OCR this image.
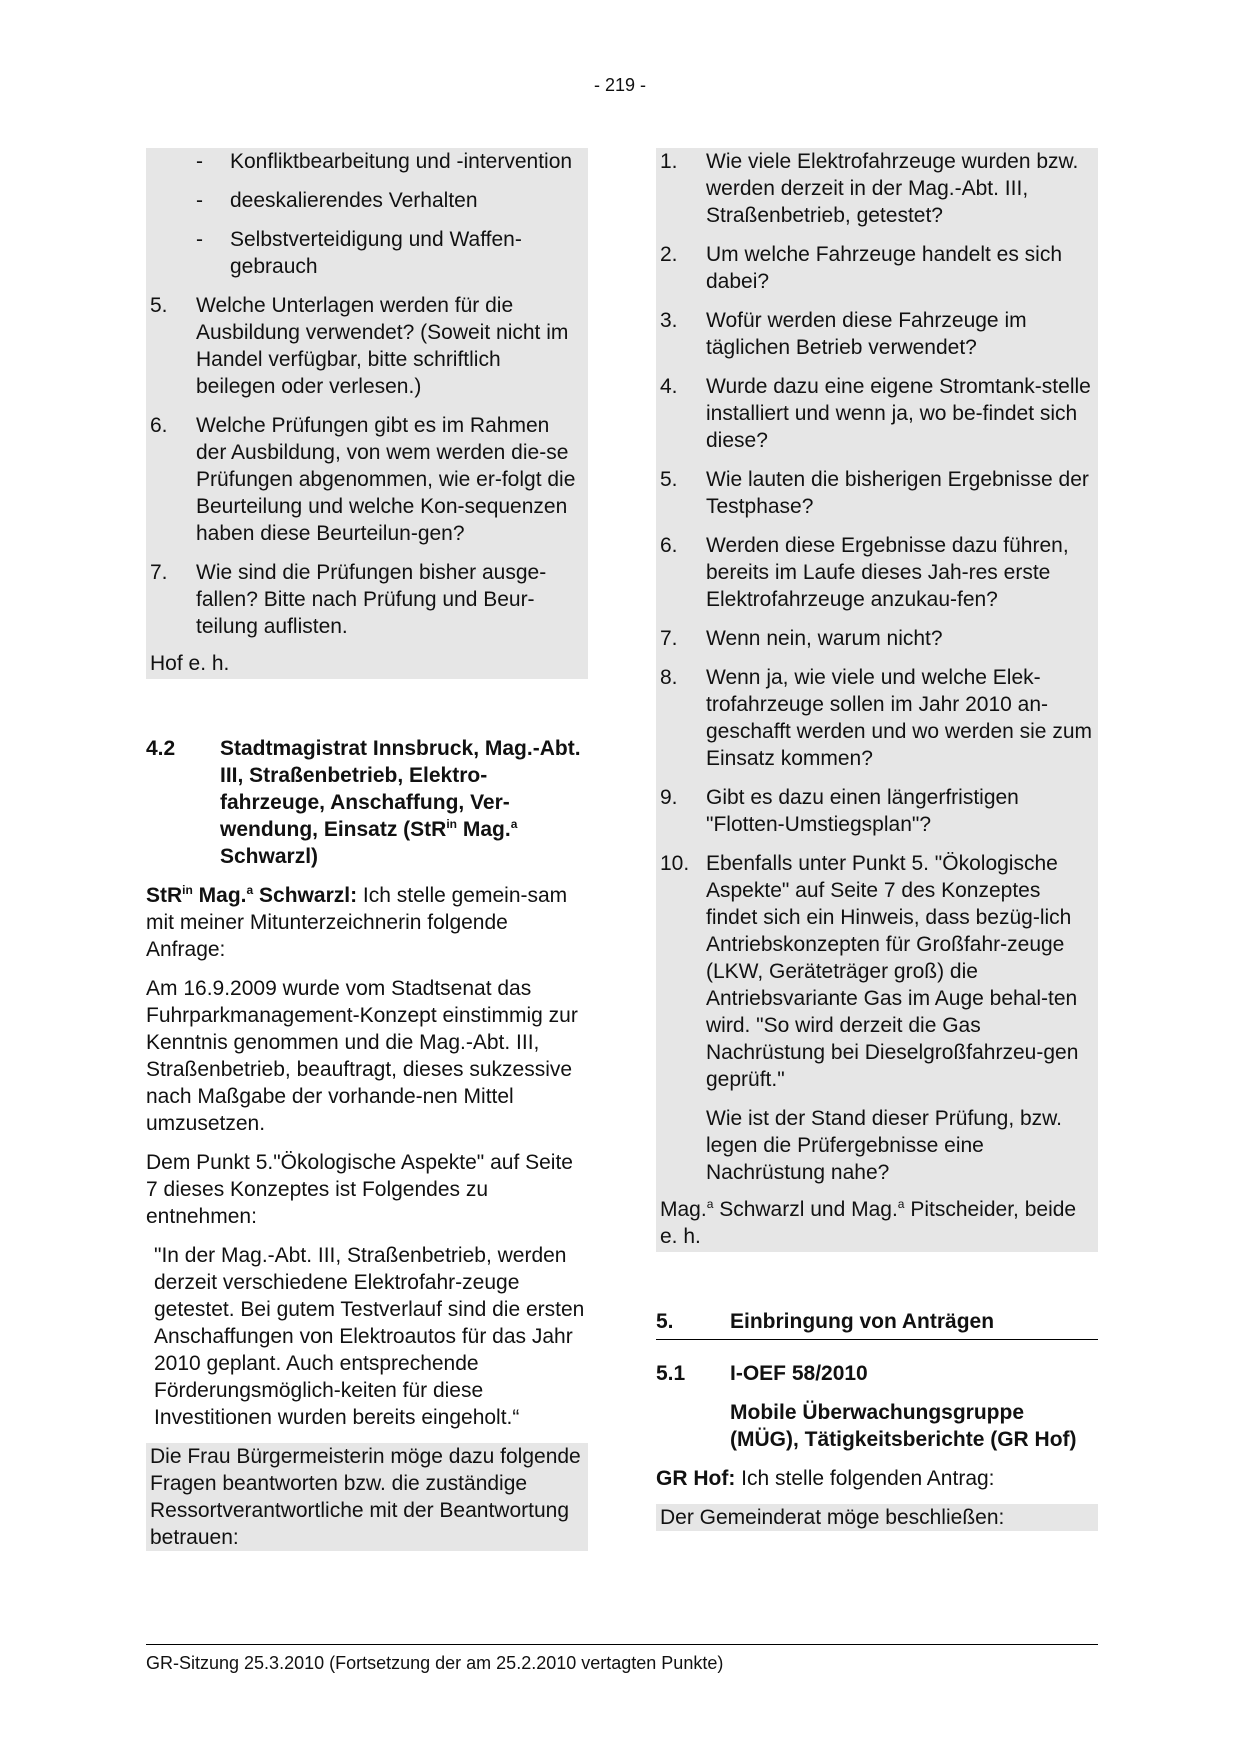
- 219 -
- Konfliktbearbeitung und -intervention
- deeskalierendes Verhalten
- Selbstverteidigung und Waffen-gebrauch
5. Welche Unterlagen werden für die Ausbildung verwendet? (Soweit nicht im Handel verfügbar, bitte schriftlich beilegen oder verlesen.)
6. Welche Prüfungen gibt es im Rahmen der Ausbildung, von wem werden die-se Prüfungen abgenommen, wie er-folgt die Beurteilung und welche Kon-sequenzen haben diese Beurteilun-gen?
7. Wie sind die Prüfungen bisher ausge-fallen? Bitte nach Prüfung und Beur-teilung auflisten.

Hof e. h.

4.2 Stadtmagistrat Innsbruck, Mag.-Abt. III, Straßenbetrieb, Elektro-fahrzeuge, Anschaffung, Ver-wendung, Einsatz (StR$^{in}$ Mag.$^a$ Schwarzl)

StR$^{in}$ Mag.$^a$ Schwarzl: Ich stelle gemein-sam mit meiner Mitunterzeichnerin folgende Anfrage:

Am 16.9.2009 wurde vom Stadtsenat das Fuhrparkmanagement-Konzept einstimmig zur Kenntnis genommen und die Mag.-Abt. III, Straßenbetrieb, beauftragt, dieses sukzessive nach Maßgabe der vorhande-nen Mittel umzusetzen.

Dem Punkt 5."Ökologische Aspekte" auf Seite 7 dieses Konzeptes ist Folgendes zu entnehmen:

"In der Mag.-Abt. III, Straßenbetrieb, werden derzeit verschiedene Elektrofahr-zeuge getestet. Bei gutem Testverlauf sind die ersten Anschaffungen von Elektroautos für das Jahr 2010 geplant. Auch entsprechende Förderungsmöglich-keiten für diese Investitionen wurden bereits eingeholt.“

Die Frau Bürgermeisterin möge dazu folgende Fragen beantworten bzw. die zuständige Ressortverantwortliche mit der Beantwortung betrauen:

1. Wie viele Elektrofahrzeuge wurden bzw. werden derzeit in der Mag.-Abt. III, Straßenbetrieb, getestet?
2. Um welche Fahrzeuge handelt es sich dabei?
3. Wofür werden diese Fahrzeuge im täglichen Betrieb verwendet?
4. Wurde dazu eine eigene Stromtank-stelle installiert und wenn ja, wo be-findet sich diese?
5. Wie lauten die bisherigen Ergebnisse der Testphase?
6. Werden diese Ergebnisse dazu führen, bereits im Laufe dieses Jah-res erste Elektrofahrzeuge anzukau-fen?
7. Wenn nein, warum nicht?
8. Wenn ja, wie viele und welche Elek-trofahrzeuge sollen im Jahr 2010 an-geschafft werden und wo werden sie zum Einsatz kommen?
9. Gibt es dazu einen längerfristigen "Flotten-Umstiegsplan"?
10. Ebenfalls unter Punkt 5. "Ökologische Aspekte" auf Seite 7 des Konzeptes findet sich ein Hinweis, dass bezüg-lich Antriebskonzepten für Großfahr-zeuge (LKW, Geräteträger groß) die Antriebsvariante Gas im Auge behal-ten wird. "So wird derzeit die Gas Nachrüstung bei Dieselgroßfahrzeu-gen geprüft."
Wie ist der Stand dieser Prüfung, bzw. legen die Prüfergebnisse eine Nachrüstung nahe?

Mag.$^a$ Schwarzl und Mag.$^a$ Pitscheider, beide e. h.

5.	Einbringung von Anträgen
5.1 I-OEF 58/2010
Mobile Überwachungsgruppe (MÜG), Tätigkeitsberichte (GR Hof)

GR Hof: Ich stelle folgenden Antrag:

Der Gemeinderat möge beschließen:

GR-Sitzung 25.3.2010 (Fortsetzung der am 25.2.2010 vertagten Punkte)
